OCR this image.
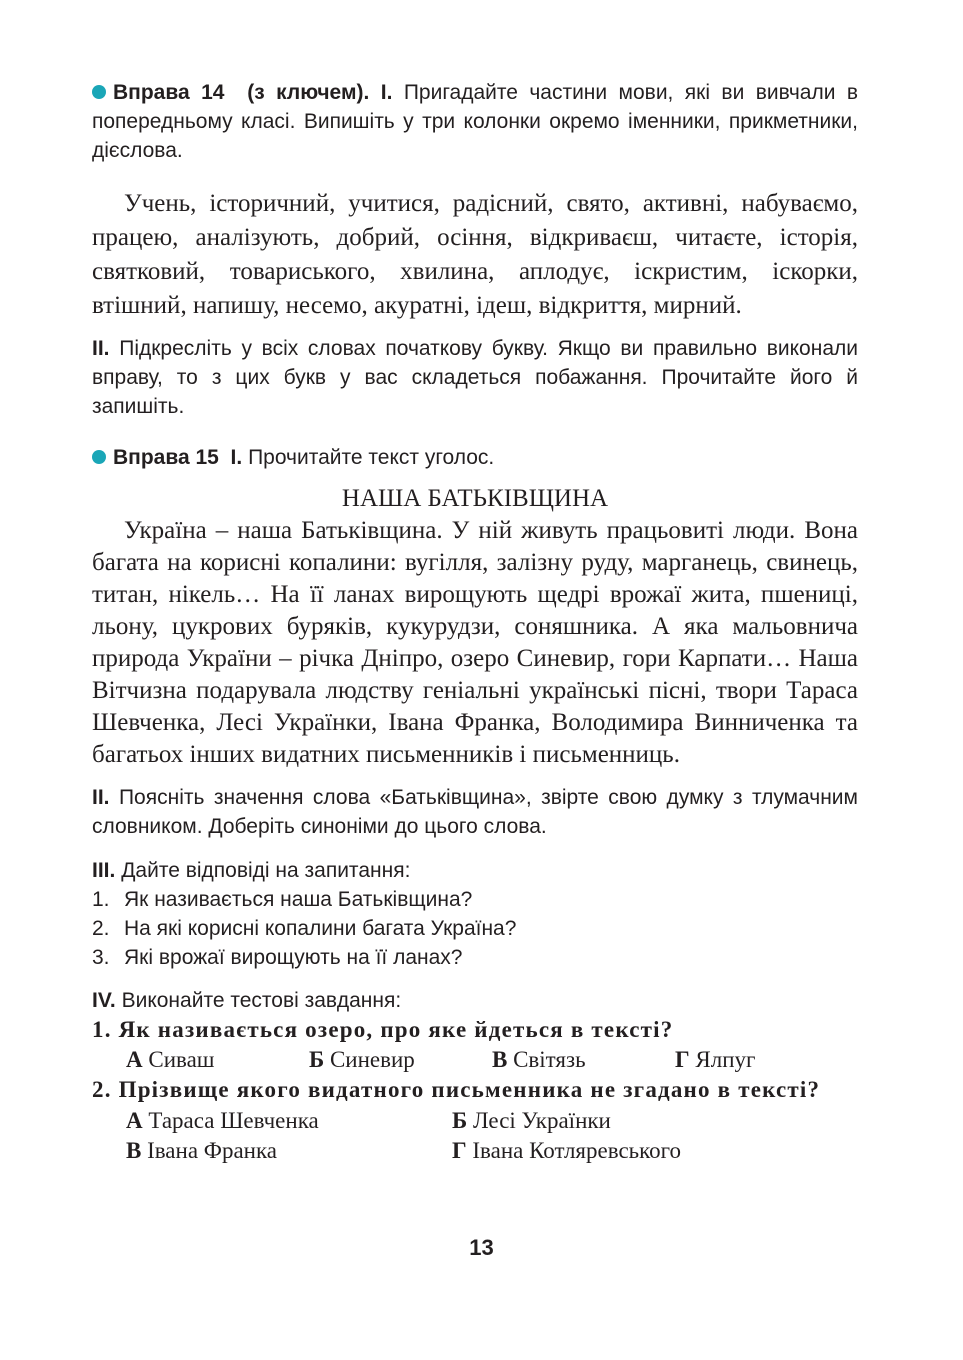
Вправа 14 (з ключем). I. Пригадайте частини мови, які ви вивчали в попередньому класі. Випишіть у три колонки окремо іменники, прикметники, дієслова.

Учень, історичний, учитися, радісний, свято, активні, набуваємо, працею, аналізують, добрий, осіння, відкриваєш, читаєте, історія, святковий, товариського, хвилина, аплодує, іскристим, іскорки, втішний, напишу, несемо, акуратні, ідеш, відкриття, мирний.

II. Підкресліть у всіх словах початкову букву. Якщо ви правильно виконали вправу, то з цих букв у вас складеться побажання. Прочитайте його й запишіть.

Вправа 15 I. Прочитайте текст уголос.

НАША БАТЬКІВЩИНА

Україна – наша Батьківщина. У ній живуть працьовиті люди. Вона багата на корисні копалини: вугілля, залізну руду, марганець, свинець, титан, нікель… На її ланах вирощують щедрі врожаї жита, пшениці, льону, цукрових буряків, кукурудзи, соняшника. А яка мальовнича природа України – річка Дніпро, озеро Синевир, гори Карпати… Наша Вітчизна подарувала людству геніальні українські пісні, твори Тараса Шевченка, Лесі Українки, Івана Франка, Володимира Винниченка та багатьох інших видатних письменників і письменниць.

II. Поясніть значення слова «Батьківщина», звірте свою думку з тлумачним словником. Доберіть синоніми до цього слова.

III. Дайте відповіді на запитання:

1. Як називається наша Батьківщина?
2. На які корисні копалини багата Україна?
3. Які врожаї вирощують на її ланах?

IV. Виконайте тестові завдання:

1. Як називається озеро, про яке йдеться в тексті?

А Сиваш	Б Синевир	В Світязь	Г Ялпуг

2. Прізвище якого видатного письменника не згадано в тексті?

А Тараса Шевченка	Б Лесі Українки
В Івана Франка	Г Івана Котляревського
13
